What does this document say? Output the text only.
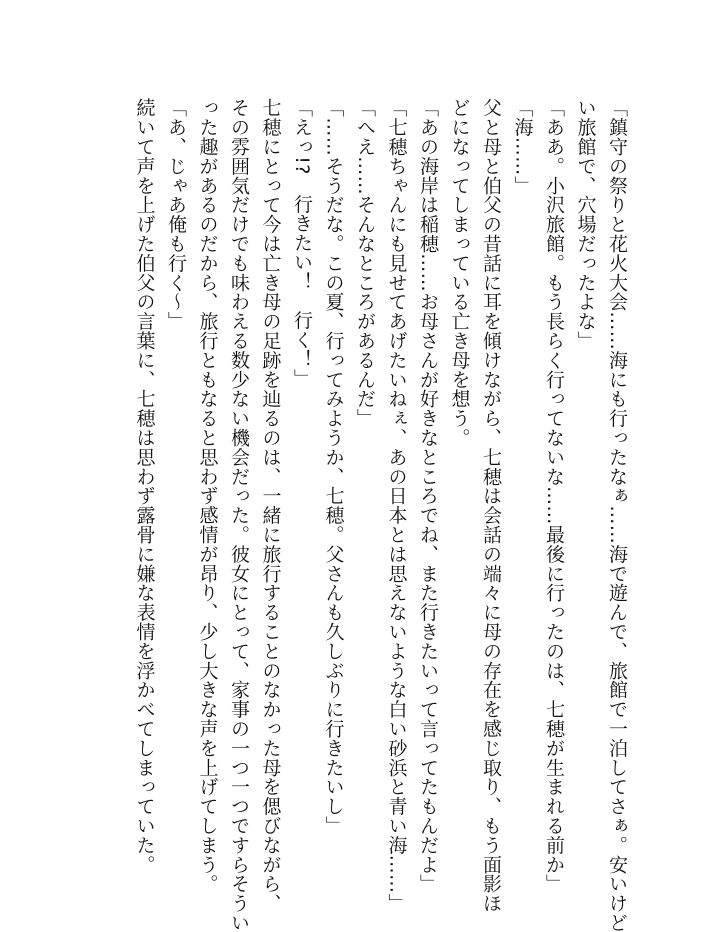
「鎮守の祭りと花火大会……海にも行ったなぁ……海で遊んで、旅館で一泊してさぁ。安いけど
い旅館で、穴場だったよな」
「ああ。小沢旅館。もう長らく行ってないな……最後に行ったのは、七穂が生まれる前か」
「海……」
父と母と伯父の昔話に耳を傾けながら、七穂は会話の端々に母の存在を感じ取り、もう面影ほ
どになってしまっている亡き母を想う。
「あの海岸は稲穂……お母さんが好きなところでね、また行きたいって言ってたもんだよ」
「七穂ちゃんにも見せてあげたいねぇ、あの日本とは思えないような白い砂浜と青い海……」
「へえ……そんなところがあるんだ」
「……そうだな。この夏、行ってみようか、七穂。父さんも久しぶりに行きたいし」
「えっ!?　行きたい！　行く！」
七穂にとって今は亡き母の足跡を辿るのは、一緒に旅行することのなかった母を偲びながら、
その雰囲気だけでも味わえる数少ない機会だった。彼女にとって、家事の一つ一つですらそうい
った趣があるのだから、旅行ともなると思わず感情が昂り、少し大きな声を上げてしまう。
「あ、じゃあ俺も行く～」
続いて声を上げた伯父の言葉に、七穂は思わず露骨に嫌な表情を浮かべてしまっていた。
